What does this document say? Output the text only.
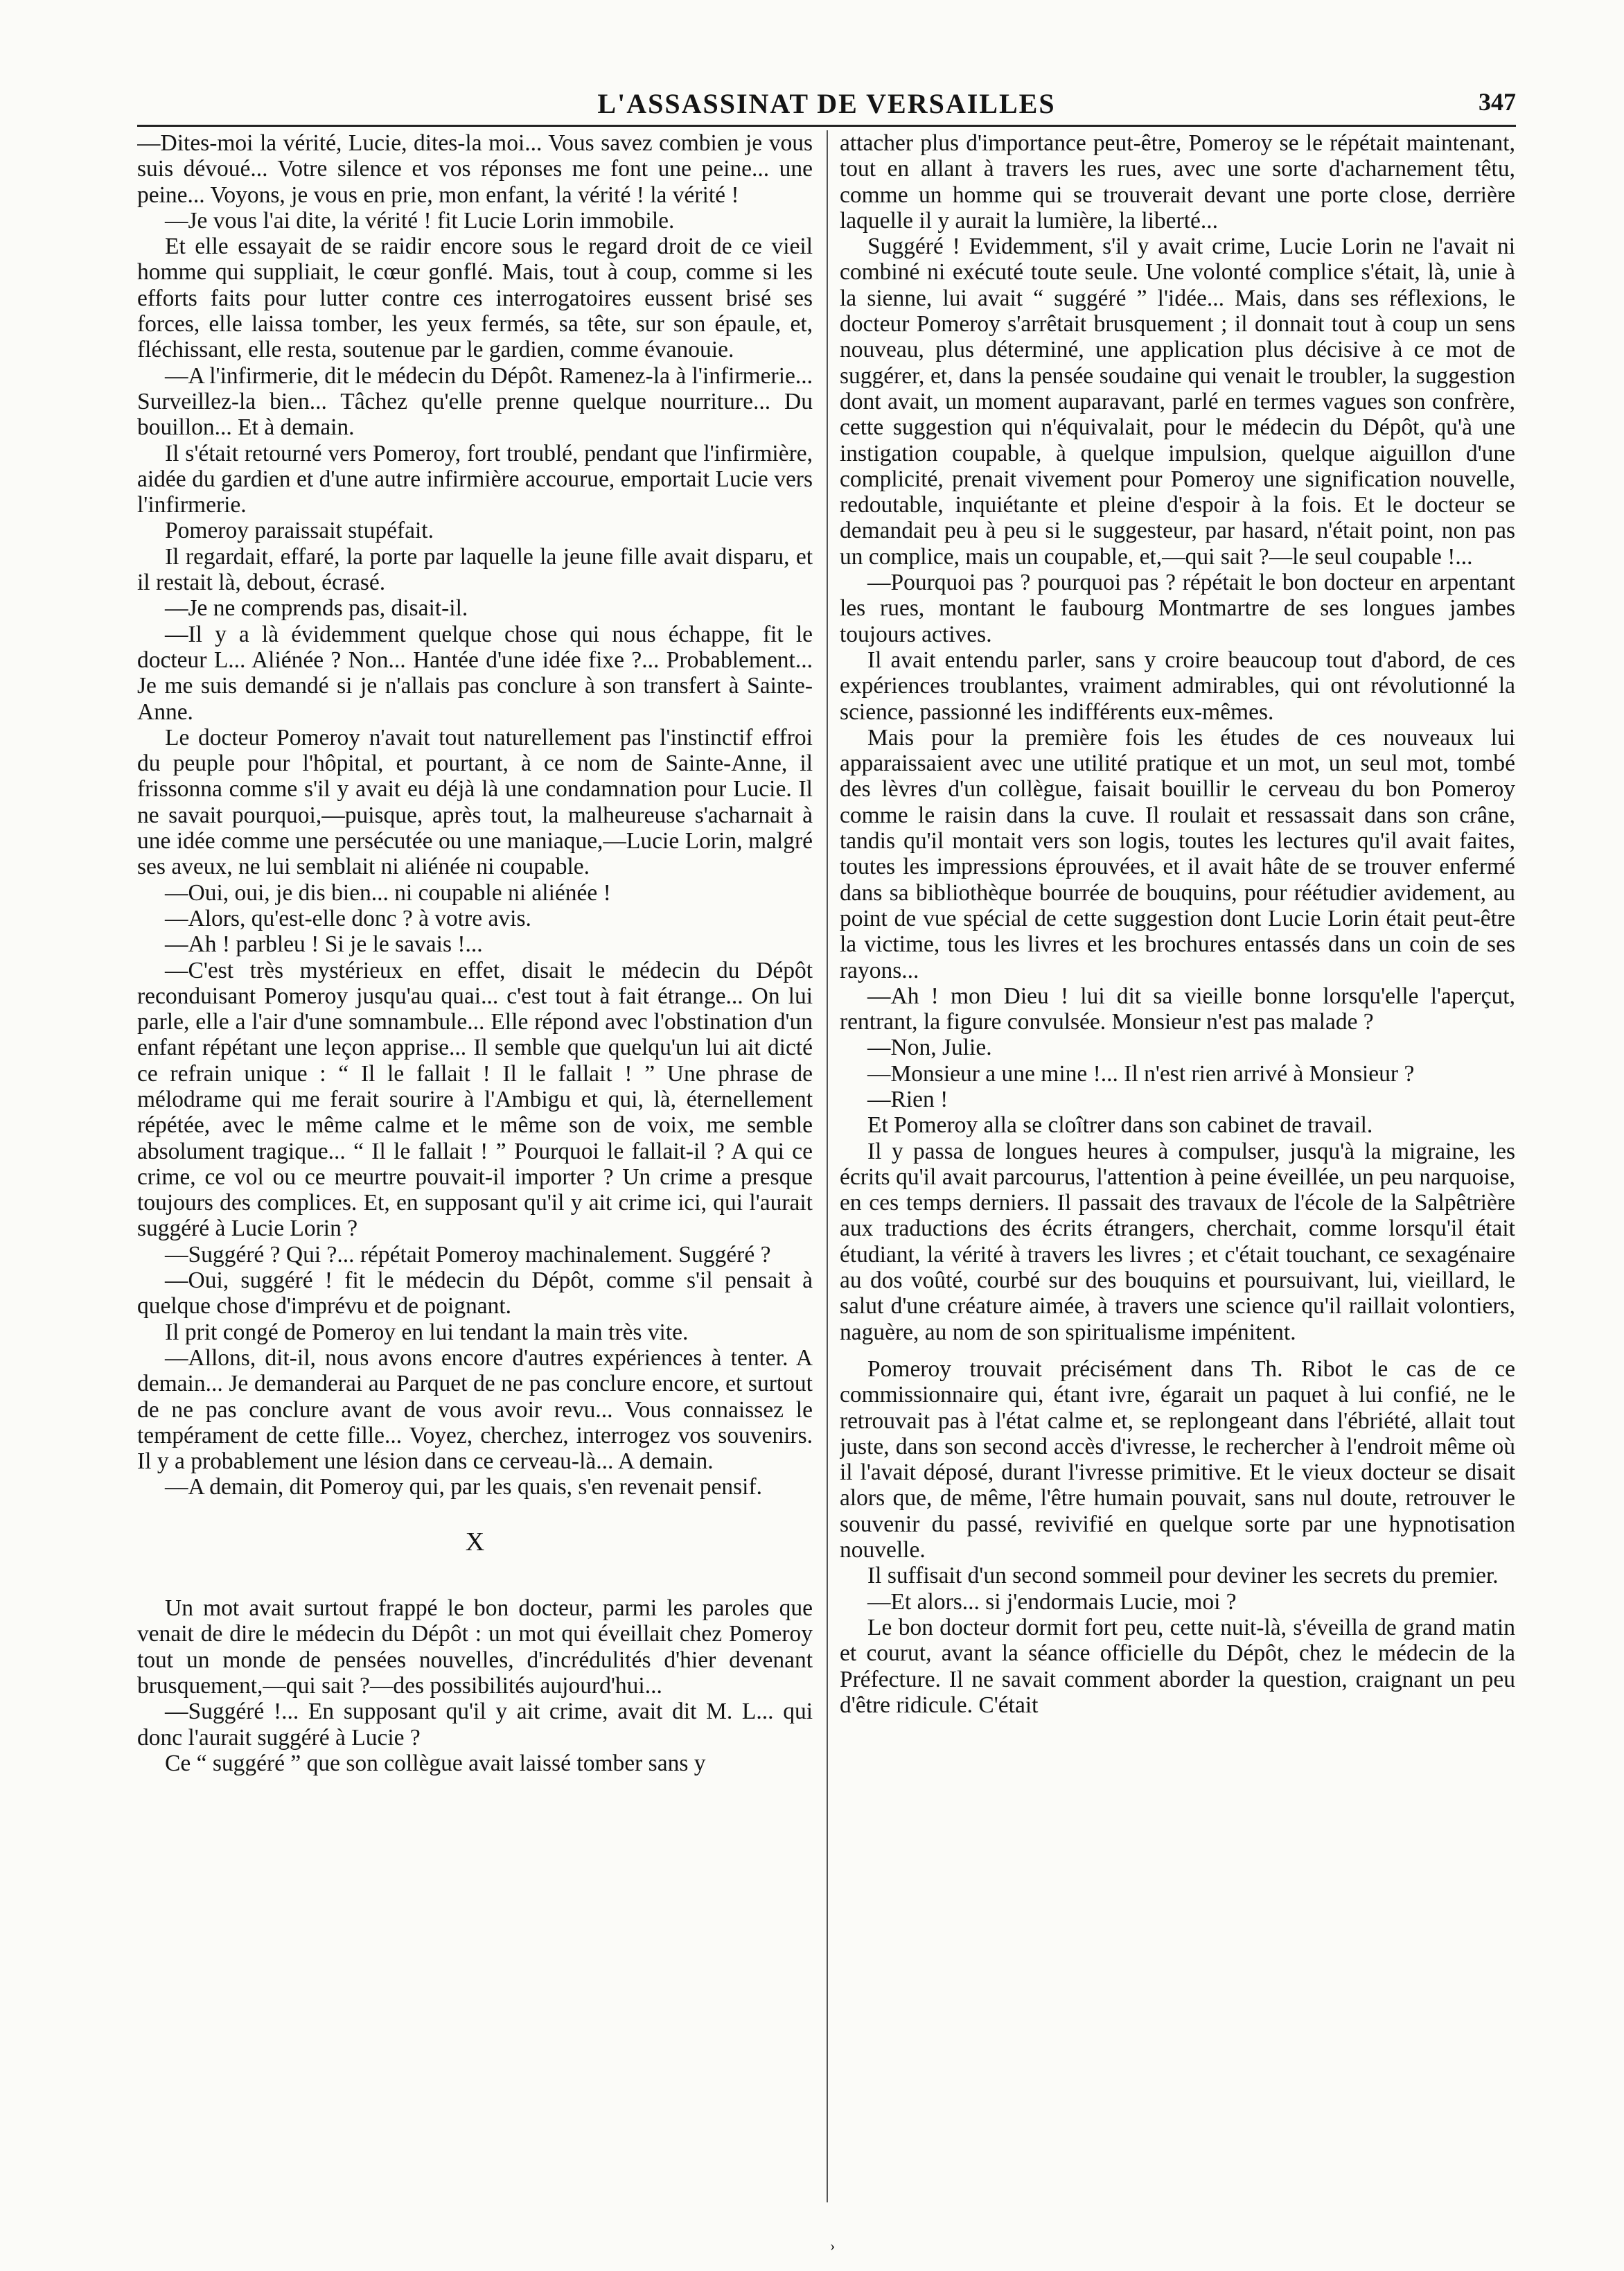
L'ASSASSINAT DE VERSAILLES	347

—Dites-moi la vérité, Lucie, dites-la moi... Vous savez combien je vous suis dévoué... Votre silence et vos réponses me font une peine... une peine... Voyons, je vous en prie, mon enfant, la vérité ! la vérité !

—Je vous l'ai dite, la vérité ! fit Lucie Lorin immobile.

Et elle essayait de se raidir encore sous le regard droit de ce vieil homme qui suppliait, le cœur gonflé. Mais, tout à coup, comme si les efforts faits pour lutter contre ces interrogatoires eussent brisé ses forces, elle laissa tomber, les yeux fermés, sa tête, sur son épaule, et, fléchissant, elle resta, soutenue par le gardien, comme évanouie.

—A l'infirmerie, dit le médecin du Dépôt. Ramenez-la à l'infirmerie... Surveillez-la bien... Tâchez qu'elle prenne quelque nourriture... Du bouillon... Et à demain.

Il s'était retourné vers Pomeroy, fort troublé, pendant que l'infirmière, aidée du gardien et d'une autre infirmière accourue, emportait Lucie vers l'infirmerie.

Pomeroy paraissait stupéfait.

Il regardait, effaré, la porte par laquelle la jeune fille avait disparu, et il restait là, debout, écrasé.

—Je ne comprends pas, disait-il.

—Il y a là évidemment quelque chose qui nous échappe, fit le docteur L... Aliénée ? Non... Hantée d'une idée fixe ?... Probablement... Je me suis demandé si je n'allais pas conclure à son transfert à Sainte-Anne.

Le docteur Pomeroy n'avait tout naturellement pas l'instinctif effroi du peuple pour l'hôpital, et pourtant, à ce nom de Sainte-Anne, il frissonna comme s'il y avait eu déjà là une condamnation pour Lucie. Il ne savait pourquoi,—puisque, après tout, la malheureuse s'acharnait à une idée comme une persécutée ou une maniaque,—Lucie Lorin, malgré ses aveux, ne lui semblait ni aliénée ni coupable.

—Oui, oui, je dis bien... ni coupable ni aliénée !

—Alors, qu'est-elle donc ? à votre avis.

—Ah ! parbleu ! Si je le savais !...

—C'est très mystérieux en effet, disait le médecin du Dépôt reconduisant Pomeroy jusqu'au quai... c'est tout à fait étrange... On lui parle, elle a l'air d'une somnambule... Elle répond avec l'obstination d'un enfant répétant une leçon apprise... Il semble que quelqu'un lui ait dicté ce refrain unique : “ Il le fallait ! Il le fallait ! ” Une phrase de mélodrame qui me ferait sourire à l'Ambigu et qui, là, éternellement répétée, avec le même calme et le même son de voix, me semble absolument tragique... “ Il le fallait ! ” Pourquoi le fallait-il ? A qui ce crime, ce vol ou ce meurtre pouvait-il importer ? Un crime a presque toujours des complices. Et, en supposant qu'il y ait crime ici, qui l'aurait suggéré à Lucie Lorin ?

—Suggéré ? Qui ?... répétait Pomeroy machinalement. Suggéré ?

—Oui, suggéré ! fit le médecin du Dépôt, comme s'il pensait à quelque chose d'imprévu et de poignant.

Il prit congé de Pomeroy en lui tendant la main très vite.

—Allons, dit-il, nous avons encore d'autres expériences à tenter. A demain... Je demanderai au Parquet de ne pas conclure encore, et surtout de ne pas conclure avant de vous avoir revu... Vous connaissez le tempérament de cette fille... Voyez, cherchez, interrogez vos souvenirs. Il y a probablement une lésion dans ce cerveau-là... A demain.

—A demain, dit Pomeroy qui, par les quais, s'en revenait pensif.

X

Un mot avait surtout frappé le bon docteur, parmi les paroles que venait de dire le médecin du Dépôt : un mot qui éveillait chez Pomeroy tout un monde de pensées nouvelles, d'incrédulités d'hier devenant brusquement,—qui sait ?—des possibilités aujourd'hui...

—Suggéré !... En supposant qu'il y ait crime, avait dit M. L... qui donc l'aurait suggéré à Lucie ?

Ce “ suggéré ” que son collègue avait laissé tomber sans y

attacher plus d'importance peut-être, Pomeroy se le répétait maintenant, tout en allant à travers les rues, avec une sorte d'acharnement têtu, comme un homme qui se trouverait devant une porte close, derrière laquelle il y aurait la lumière, la liberté...

Suggéré ! Evidemment, s'il y avait crime, Lucie Lorin ne l'avait ni combiné ni exécuté toute seule. Une volonté complice s'était, là, unie à la sienne, lui avait “ suggéré ” l'idée... Mais, dans ses réflexions, le docteur Pomeroy s'arrêtait brusquement ; il donnait tout à coup un sens nouveau, plus déterminé, une application plus décisive à ce mot de suggérer, et, dans la pensée soudaine qui venait le troubler, la suggestion dont avait, un moment auparavant, parlé en termes vagues son confrère, cette suggestion qui n'équivalait, pour le médecin du Dépôt, qu'à une instigation coupable, à quelque impulsion, quelque aiguillon d'une complicité, prenait vivement pour Pomeroy une signification nouvelle, redoutable, inquiétante et pleine d'espoir à la fois. Et le docteur se demandait peu à peu si le suggesteur, par hasard, n'était point, non pas un complice, mais un coupable, et,—qui sait ?—le seul coupable !...

—Pourquoi pas ? pourquoi pas ? répétait le bon docteur en arpentant les rues, montant le faubourg Montmartre de ses longues jambes toujours actives.

Il avait entendu parler, sans y croire beaucoup tout d'abord, de ces expériences troublantes, vraiment admirables, qui ont révolutionné la science, passionné les indifférents eux-mêmes.

Mais pour la première fois les études de ces nouveaux lui apparaissaient avec une utilité pratique et un mot, un seul mot, tombé des lèvres d'un collègue, faisait bouillir le cerveau du bon Pomeroy comme le raisin dans la cuve. Il roulait et ressassait dans son crâne, tandis qu'il montait vers son logis, toutes les lectures qu'il avait faites, toutes les impressions éprouvées, et il avait hâte de se trouver enfermé dans sa bibliothèque bourrée de bouquins, pour réétudier avidement, au point de vue spécial de cette suggestion dont Lucie Lorin était peut-être la victime, tous les livres et les brochures entassés dans un coin de ses rayons...

—Ah ! mon Dieu ! lui dit sa vieille bonne lorsqu'elle l'aperçut, rentrant, la figure convulsée. Monsieur n'est pas malade ?

—Non, Julie.

—Monsieur a une mine !... Il n'est rien arrivé à Monsieur ?

—Rien !

Et Pomeroy alla se cloîtrer dans son cabinet de travail.

Il y passa de longues heures à compulser, jusqu'à la migraine, les écrits qu'il avait parcourus, l'attention à peine éveillée, un peu narquoise, en ces temps derniers. Il passait des travaux de l'école de la Salpêtrière aux traductions des écrits étrangers, cherchait, comme lorsqu'il était étudiant, la vérité à travers les livres ; et c'était touchant, ce sexagénaire au dos voûté, courbé sur des bouquins et poursuivant, lui, vieillard, le salut d'une créature aimée, à travers une science qu'il raillait volontiers, naguère, au nom de son spiritualisme impénitent.

Pomeroy trouvait précisément dans Th. Ribot le cas de ce commissionnaire qui, étant ivre, égarait un paquet à lui confié, ne le retrouvait pas à l'état calme et, se replongeant dans l'ébriété, allait tout juste, dans son second accès d'ivresse, le rechercher à l'endroit même où il l'avait déposé, durant l'ivresse primitive. Et le vieux docteur se disait alors que, de même, l'être humain pouvait, sans nul doute, retrouver le souvenir du passé, revivifié en quelque sorte par une hypnotisation nouvelle.

Il suffisait d'un second sommeil pour deviner les secrets du premier.

—Et alors... si j'endormais Lucie, moi ?

Le bon docteur dormit fort peu, cette nuit-là, s'éveilla de grand matin et courut, avant la séance officielle du Dépôt, chez le médecin de la Préfecture. Il ne savait comment aborder la question, craignant un peu d'être ridicule. C'était

›
